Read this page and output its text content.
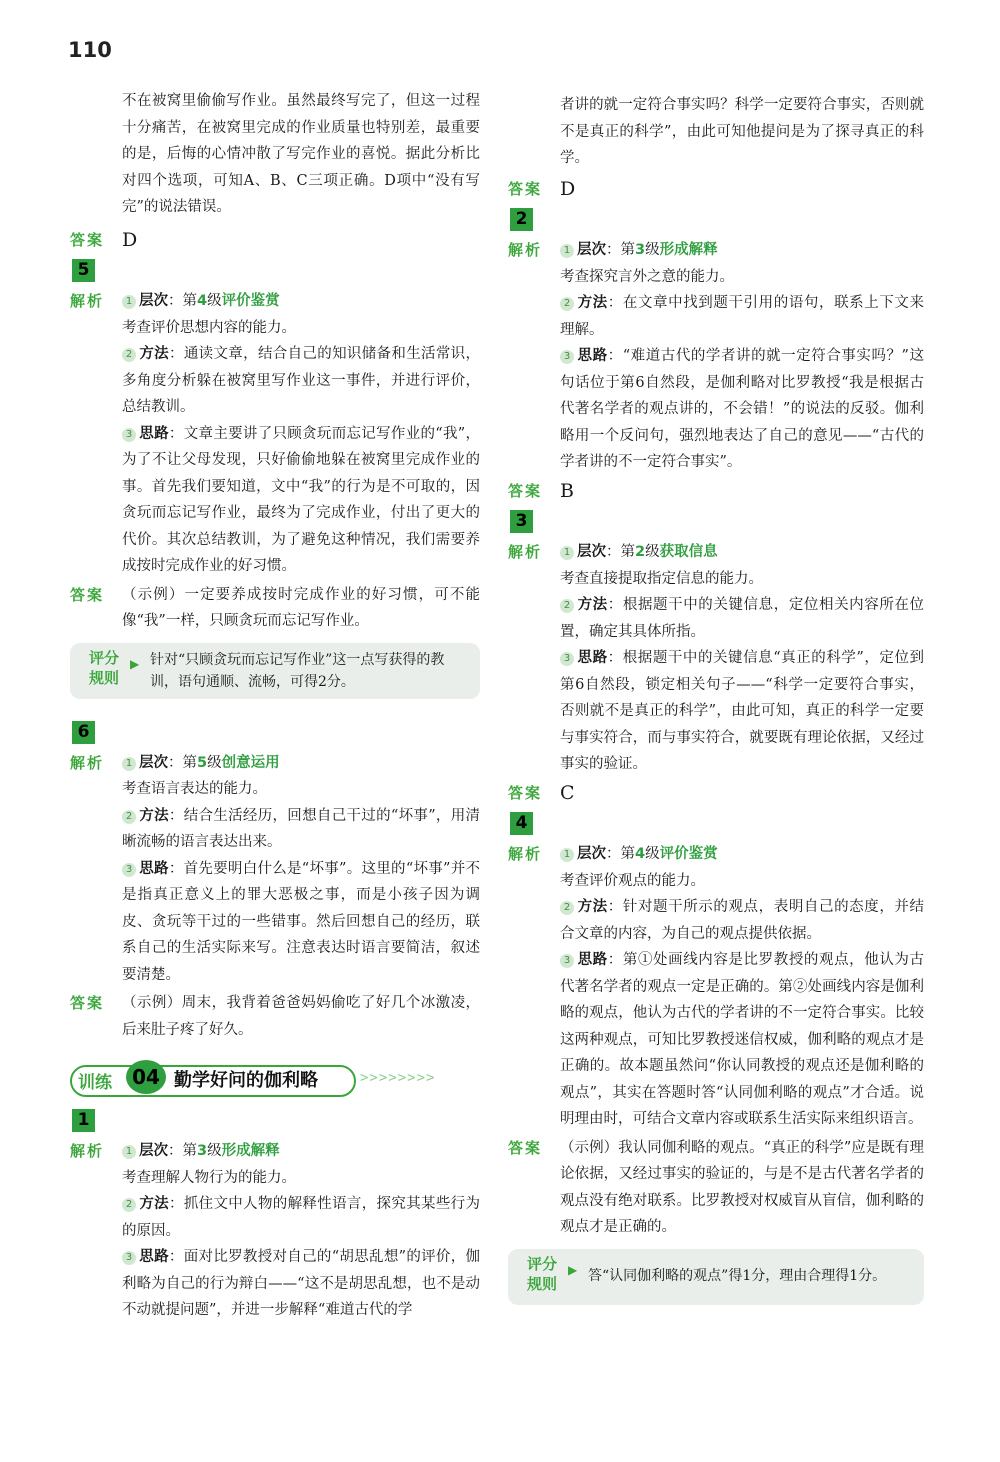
110
不在被窝里偷偷写作业。虽然最终写完了，但这一过程十分痛苦，在被窝里完成的作业质量也特别差，最重要的是，后悔的心情冲散了写完作业的喜悦。据此分析比对四个选项，可知A、B、C三项正确。D项中“没有写完”的说法错误。
答案 D
5
解析	1 层次：第4级评价鉴赏
考查评价思想内容的能力。
2 方法：通读文章，结合自己的知识储备和生活常识，多角度分析躲在被窝里写作业这一事件，并进行评价，总结教训。
3 思路：文章主要讲了只顾贪玩而忘记写作业的“我”，为了不让父母发现，只好偷偷地躲在被窝里完成作业的事。首先我们要知道，文中“我”的行为是不可取的，因贪玩而忘记写作业，最终为了完成作业，付出了更大的代价。其次总结教训，为了避免这种情况，我们需要养成按时完成作业的好习惯。
答案	（示例）一定要养成按时完成作业的好习惯，可不能像“我”一样，只顾贪玩而忘记写作业。
评分规则
▶ 针对“只顾贪玩而忘记写作业”这一点写获得的教训，语句通顺、流畅，可得2分。
6
解析	1 层次：第5级创意运用
考查语言表达的能力。
2 方法：结合生活经历，回想自己干过的“坏事”，用清晰流畅的语言表达出来。
3 思路：首先要明白什么是“坏事”。这里的“坏事”并不是指真正意义上的罪大恶极之事，而是小孩子因为调皮、贪玩等干过的一些错事。然后回想自己的经历，联系自己的生活实际来写。注意表达时语言要简洁，叙述要清楚。
答案	（示例）周末，我背着爸爸妈妈偷吃了好几个冰激凌，后来肚子疼了好久。
训练	04 勤学好问的伽利略	>>>>>>>>
1
解析	1 层次：第3级形成解释
考查理解人物行为的能力。
2 方法：抓住文中人物的解释性语言，探究其某些行为的原因。
3 思路：面对比罗教授对自己的“胡思乱想”的评价，伽利略为自己的行为辩白——“这不是胡思乱想，也不是动不动就提问题”，并进一步解释“难道古代的学
者讲的就一定符合事实吗？科学一定要符合事实，否则就不是真正的科学”，由此可知他提问是为了探寻真正的科学。
答案 D
2
解析	1 层次：第3级形成解释
考查探究言外之意的能力。
2 方法：在文章中找到题干引用的语句，联系上下文来理解。
3 思路：“难道古代的学者讲的就一定符合事实吗？”这句话位于第6自然段，是伽利略对比罗教授“我是根据古代著名学者的观点讲的，不会错！”的说法的反驳。伽利略用一个反问句，强烈地表达了自己的意见——“古代的学者讲的不一定符合事实”。
答案 B
3
解析	1 层次：第2级获取信息
考查直接提取指定信息的能力。
2 方法：根据题干中的关键信息，定位相关内容所在位置，确定其具体所指。
3 思路：根据题干中的关键信息“真正的科学”，定位到第6自然段，锁定相关句子——“科学一定要符合事实，否则就不是真正的科学”，由此可知，真正的科学一定要与事实符合，而与事实符合，就要既有理论依据，又经过事实的验证。
答案 C
4
解析	1 层次：第4级评价鉴赏
考查评价观点的能力。
2 方法：针对题干所示的观点，表明自己的态度，并结合文章的内容，为自己的观点提供依据。
3 思路：第①处画线内容是比罗教授的观点，他认为古代著名学者的观点一定是正确的。第②处画线内容是伽利略的观点，他认为古代的学者讲的不一定符合事实。比较这两种观点，可知比罗教授迷信权威，伽利略的观点才是正确的。故本题虽然问“你认同教授的观点还是伽利略的观点”，其实在答题时答“认同伽利略的观点”才合适。说明理由时，可结合文章内容或联系生活实际来组织语言。
答案	（示例）我认同伽利略的观点。“真正的科学”应是既有理论依据，又经过事实的验证的，与是不是古代著名学者的观点没有绝对联系。比罗教授对权威盲从盲信，伽利略的观点才是正确的。
评分规则
▶ 答“认同伽利略的观点”得1分，理由合理得1分。
